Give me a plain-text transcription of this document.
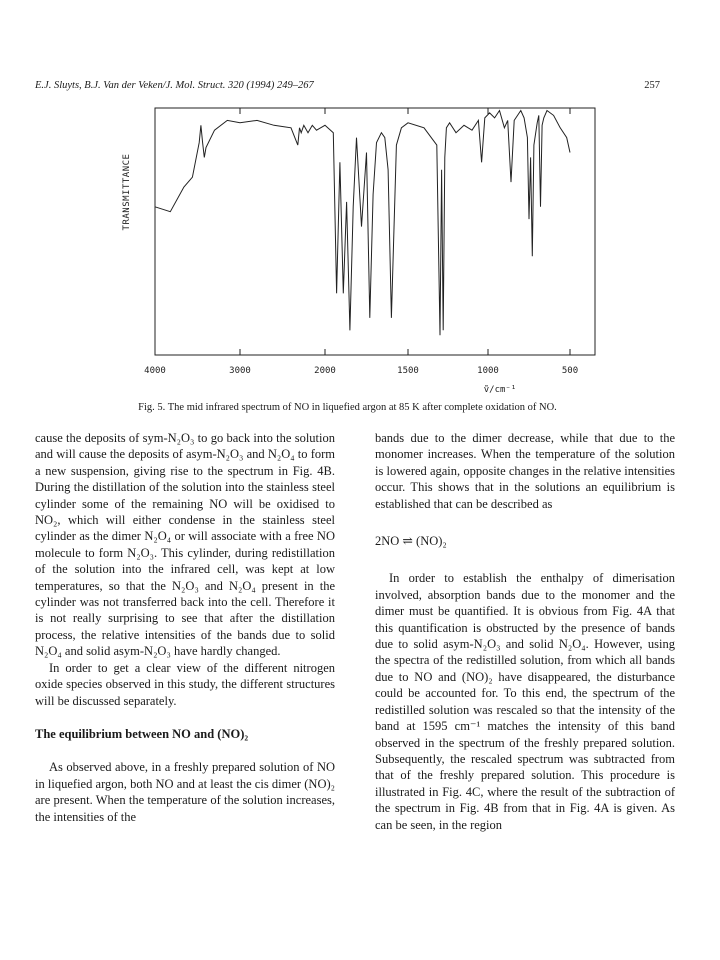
E.J. Sluyts, B.J. Van der Veken/J. Mol. Struct. 320 (1994) 249–267	257
4000	3000	2000	1500	1000	500
TRANSMITTANCE
ṽ/cm⁻¹
Fig. 5. The mid infrared spectrum of NO in liquefied argon at 85 K after complete oxidation of NO.

cause the deposits of sym-N₂O₃ to go back into the solution and will cause the deposits of asym-N₂O₃ and N₂O₄ to form a new suspension, giving rise to the spectrum in Fig. 4B. During the distillation of the solution into the stainless steel cylinder some of the remaining NO will be oxidised to NO₂, which will either condense in the stainless steel cylinder as the dimer N₂O₄ or will associate with a free NO molecule to form N₂O₃. This cylinder, during redistillation of the solution into the infrared cell, was kept at low temperatures, so that the N₂O₃ and N₂O₄ present in the cylinder was not transferred back into the cell. Therefore it is not really surprising to see that after the distillation process, the relative intensities of the bands due to solid N₂O₄ and solid asym-N₂O₃ have hardly changed.

In order to get a clear view of the different nitrogen oxide species observed in this study, the different structures will be discussed separately.

The equilibrium between NO and (NO)₂

As observed above, in a freshly prepared solution of NO in liquefied argon, both NO and at least the cis dimer (NO)₂ are present. When the temperature of the solution increases, the intensities of the

bands due to the dimer decrease, while that due to the monomer increases. When the temperature of the solution is lowered again, opposite changes in the relative intensities occur. This shows that in the solutions an equilibrium is established that can be described as

2NO ⇌ (NO)₂

In order to establish the enthalpy of dimerisation involved, absorption bands due to the monomer and the dimer must be quantified. It is obvious from Fig. 4A that this quantification is obstructed by the presence of bands due to solid asym-N₂O₃ and solid N₂O₄. However, using the spectra of the redistilled solution, from which all bands due to NO and (NO)₂ have disappeared, the disturbance could be accounted for. To this end, the spectrum of the redistilled solution was rescaled so that the intensity of the band at 1595 cm⁻¹ matches the intensity of this band observed in the spectrum of the freshly prepared solution. Subsequently, the rescaled spectrum was subtracted from that of the freshly prepared solution. This procedure is illustrated in Fig. 4C, where the result of the subtraction of the spectrum in Fig. 4B from that in Fig. 4A is given. As can be seen, in the region
